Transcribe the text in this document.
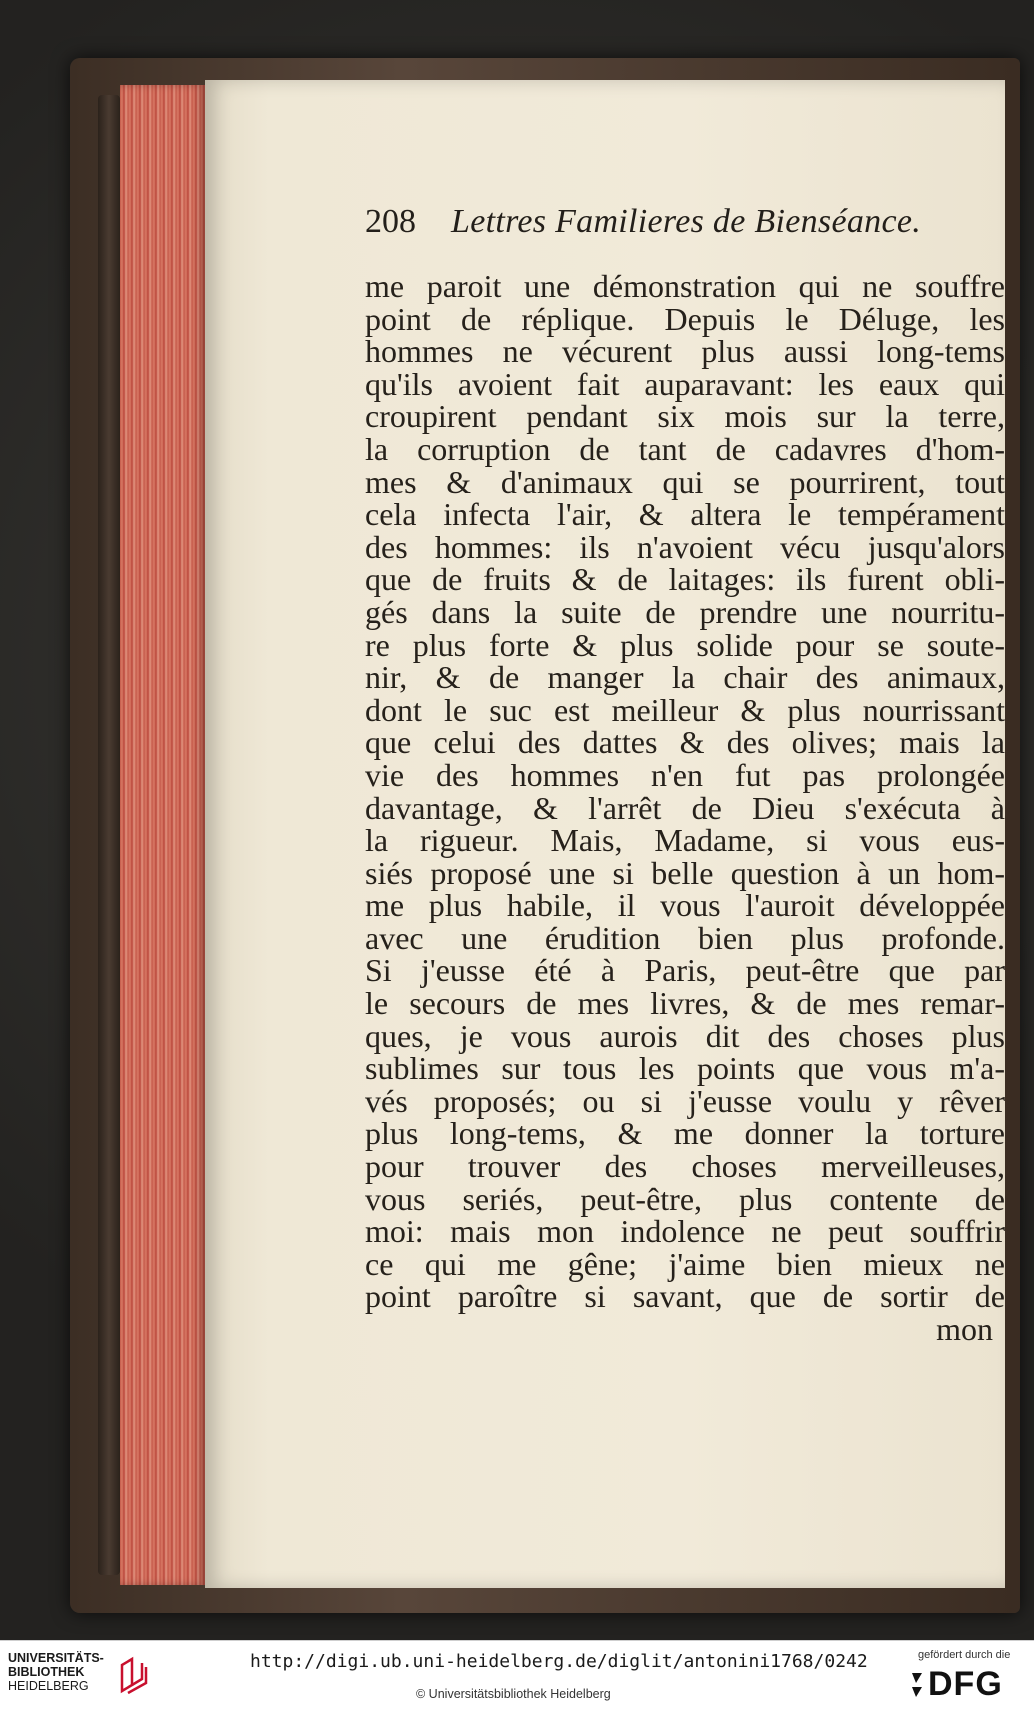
208 Lettres Familieres de Bienséance.
me paroit une démonstration qui ne souffre
point de réplique. Depuis le Déluge, les
hommes ne vécurent plus aussi long-tems
qu'ils avoient fait auparavant: les eaux qui
croupirent pendant six mois sur la terre,
la corruption de tant de cadavres d'hom-
mes & d'animaux qui se pourrirent, tout
cela infecta l'air, & altera le tempérament
des hommes: ils n'avoient vécu jusqu'alors
que de fruits & de laitages: ils furent obli-
gés dans la suite de prendre une nourritu-
re plus forte & plus solide pour se soute-
nir, & de manger la chair des animaux,
dont le suc est meilleur & plus nourrissant
que celui des dattes & des olives; mais la
vie des hommes n'en fut pas prolongée
davantage, & l'arrêt de Dieu s'exécuta à
la rigueur. Mais, Madame, si vous eus-
siés proposé une si belle question à un hom-
me plus habile, il vous l'auroit développée
avec une érudition bien plus profonde.
Si j'eusse été à Paris, peut-être que par
le secours de mes livres, & de mes remar-
ques, je vous aurois dit des choses plus
sublimes sur tous les points que vous m'a-
vés proposés; ou si j'eusse voulu y rêver
plus long-tems, & me donner la torture
pour trouver des choses merveilleuses,
vous seriés, peut-être, plus contente de
moi: mais mon indolence ne peut souffrir
ce qui me gêne; j'aime bien mieux ne
point paroître si savant, que de sortir de
mon
UNIVERSITÄTS-
BIBLIOTHEK
HEIDELBERG
http://digi.ub.uni-heidelberg.de/diglit/antonini1768/0242
© Universitätsbibliothek Heidelberg
gefördert durch die
DFG
